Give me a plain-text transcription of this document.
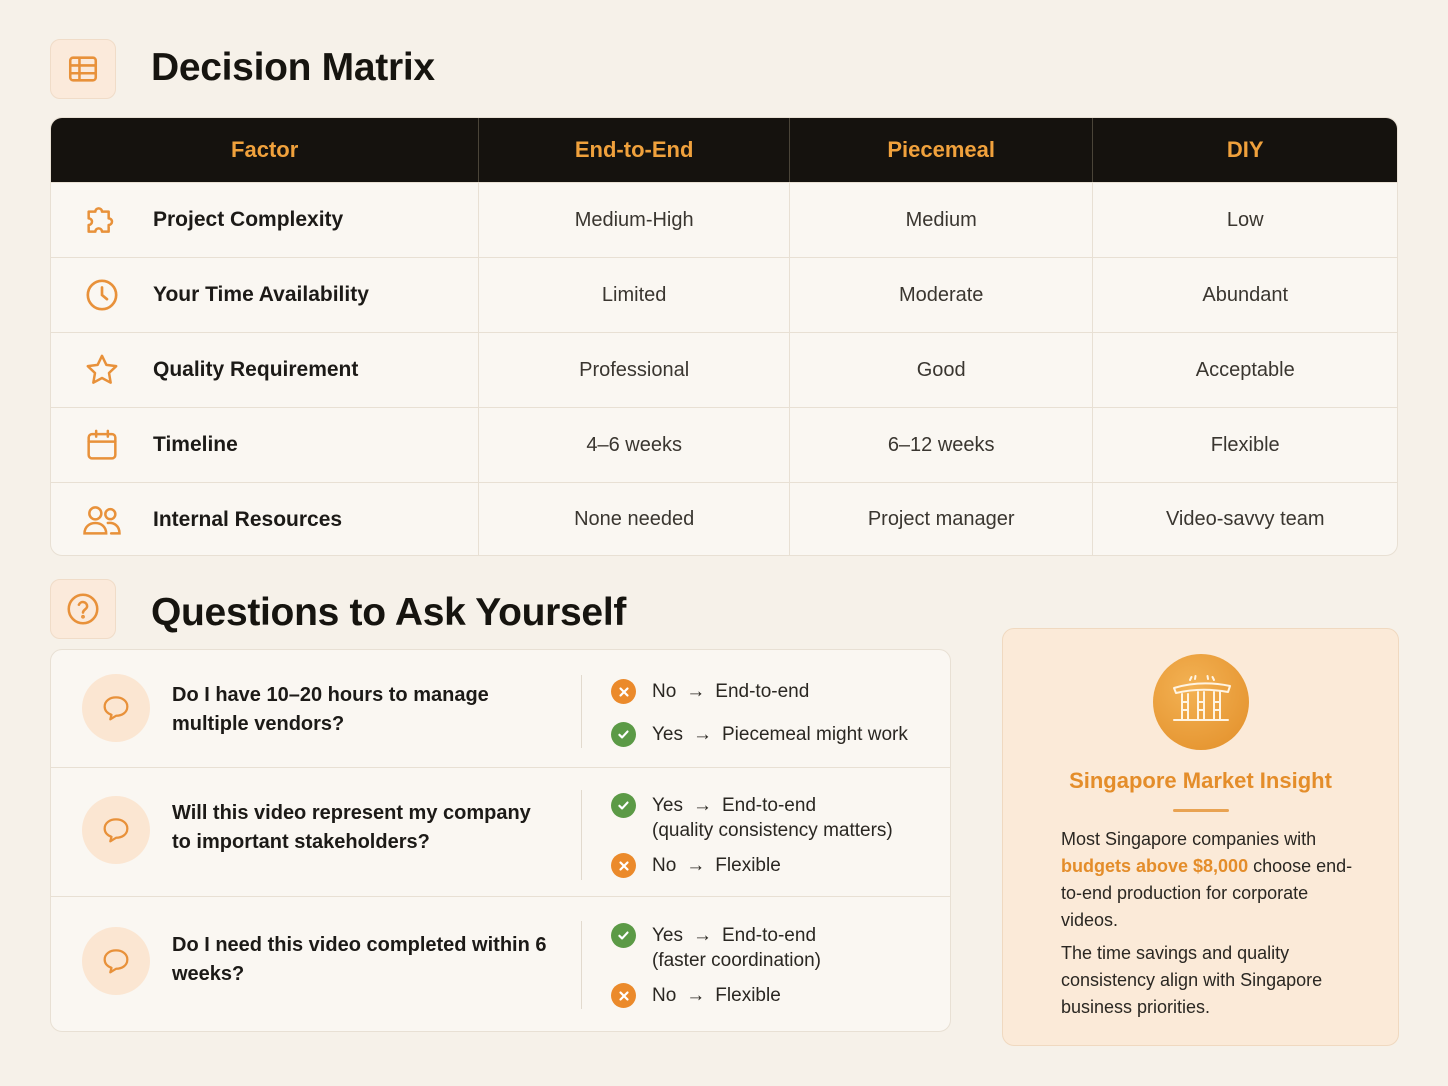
Decision Matrix
Factor	End-to-End	Piecemeal	DIY
Project Complexity	Medium-High	Medium	Low
Your Time Availability	Limited	Moderate	Abundant
Quality Requirement	Professional	Good	Acceptable
Timeline	4–6 weeks	6–12 weeks	Flexible
Internal Resources	None needed	Project manager	Video-savvy team
Questions to Ask Yourself
Do I have 10–20 hours to manage multiple vendors?
No → End-to-end
Yes → Piecemeal might work
Will this video represent my company to important stakeholders?
Yes → End-to-end
(quality consistency matters)
No → Flexible
Do I need this video completed within 6 weeks?
Yes → End-to-end
(faster coordination)
No → Flexible
Singapore Market Insight
Most Singapore companies with budgets above $8,000 choose end-to-end production for corporate videos.
The time savings and quality consistency align with Singapore business priorities.
